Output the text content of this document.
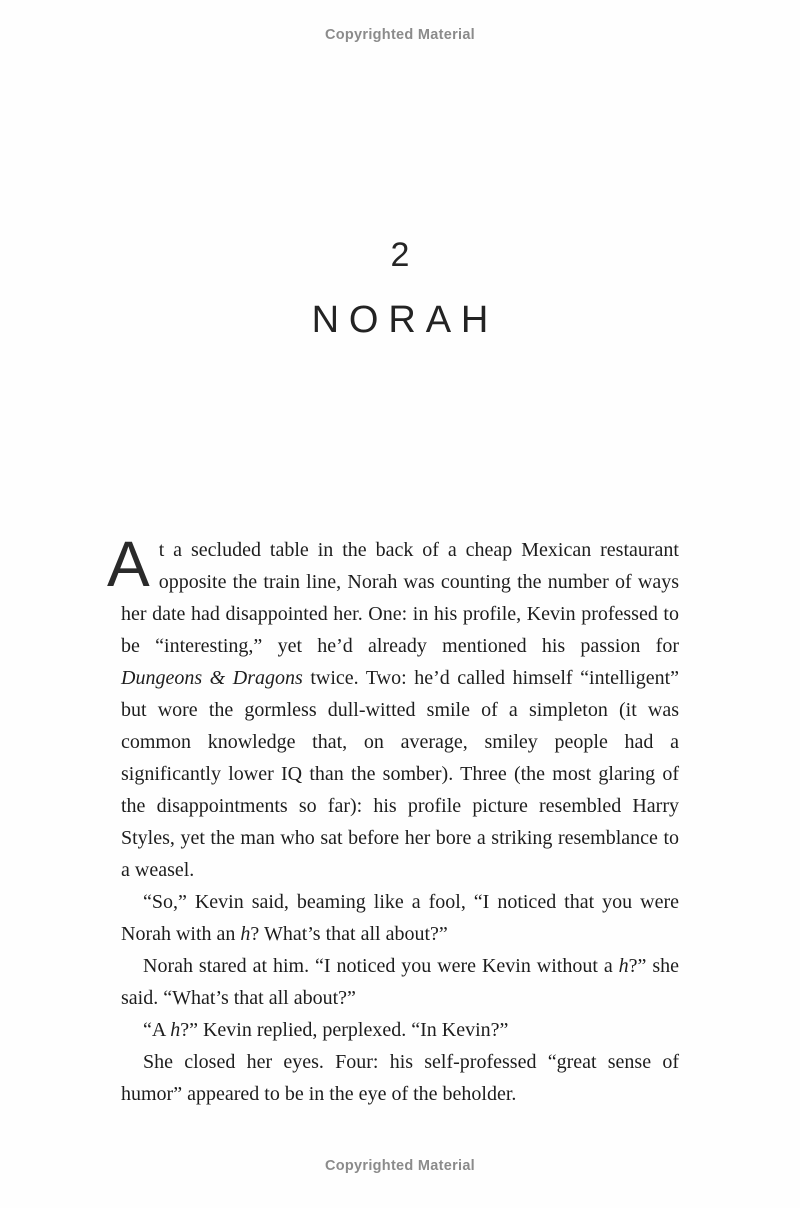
Copyrighted Material
2
NORAH

At a secluded table in the back of a cheap Mexican restaurant opposite the train line, Norah was counting the number of ways her date had disappointed her. One: in his profile, Kevin professed to be “interesting,” yet he’d already mentioned his passion for Dungeons & Dragons twice. Two: he’d called himself “intelligent” but wore the gormless dull-witted smile of a simpleton (it was common knowledge that, on average, smiley people had a significantly lower IQ than the somber). Three (the most glaring of the disappointments so far): his profile picture resembled Harry Styles, yet the man who sat before her bore a striking resemblance to a weasel.

“So,” Kevin said, beaming like a fool, “I noticed that you were Norah with an h? What’s that all about?”

Norah stared at him. “I noticed you were Kevin without a h?” she said. “What’s that all about?”

“A h?” Kevin replied, perplexed. “In Kevin?”

She closed her eyes. Four: his self-professed “great sense of humor” appeared to be in the eye of the beholder.

Copyrighted Material
